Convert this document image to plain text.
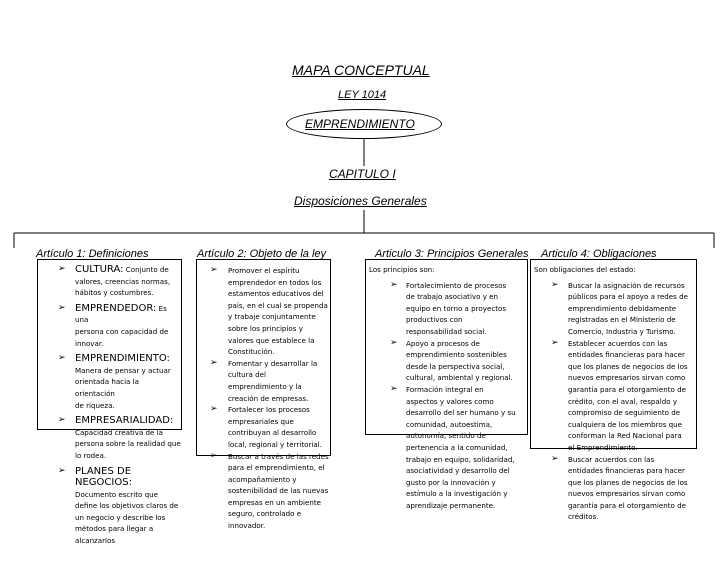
MAPA CONCEPTUAL
LEY 1014
EMPRENDIMIENTO
CAPITULO I
Disposiciones Generales
Artículo 1: Definiciones	Artículo 2: Objeto de la ley	Articulo 3: Principios Generales Articulo 4: Obligaciones
➢ CULTURA: Conjunto de
valores, creencias normas,
hábitos y costumbres.
➢ EMPRENDEDOR: Es una
persona con capacidad de
innovar.
➢ EMPRENDIMIENTO:
Manera de pensar y actuar
orientada hacia la orientación
de riqueza.
➢ EMPRESARIALIDAD:
Capacidad creativa de la
persona sobre la realidad que
lo rodea.
➢ PLANES DE NEGOCIOS:
Documento escrito que
define los objetivos claros de
un negocio y describe los
métodos para llegar a
alcanzarlos
➢ Promover el espíritu
emprendedor en todos los
estamentos educativos del
país, en el cual se propenda
y trabaje conjuntamente
sobre los principios y
valores que establece la
Constitución.
➢ Fomentar y desarrollar la
cultura del
emprendimiento y la
creación de empresas.
➢ Fortalecer los procesos
empresariales que
contribuyan al desarrollo
local, regional y territorial.
➢ Buscar a través de las redes
para el emprendimiento, el
acompañamiento y
sostenibilidad de las nuevas
empresas en un ambiente
seguro, controlado e
innovador.
Los principios son:
➢ Fortalecimiento de procesos
de trabajo asociativo y en
equipo en torno a proyectos
productivos con
responsabilidad social.
➢ Apoyo a procesos de
emprendimiento sostenibles
desde la perspectiva social,
cultural, ambiental y regional.
➢ Formación integral en
aspectos y valores como
desarrollo del ser humano y su
comunidad, autoestima,
autonomía, sentido de
pertenencia a la comunidad,
trabajo en equipo, solidaridad,
asociatividad y desarrollo del
gusto por la innovación y
estímulo a la investigación y
aprendizaje permanente.
Son obligaciones del estado:
➢ Buscar la asignación de recursos
públicos para el apoyo a redes de
emprendimiento debidamente
registradas en el Ministerio de
Comercio, Industria y Turismo.
➢ Establecer acuerdos con las
entidades financieras para hacer
que los planes de negocios de los
nuevos empresarios sirvan como
garantía para el otorgamiento de
crédito, con el aval, respaldo y
compromiso de seguimiento de
cualquiera de los miembros que
conforman la Red Nacional para
el Emprendimiento.
➢ Buscar acuerdos con las
entidades financieras para hacer
que los planes de negocios de los
nuevos empresarios sirvan como
garantía para el otorgamiento de
créditos.
